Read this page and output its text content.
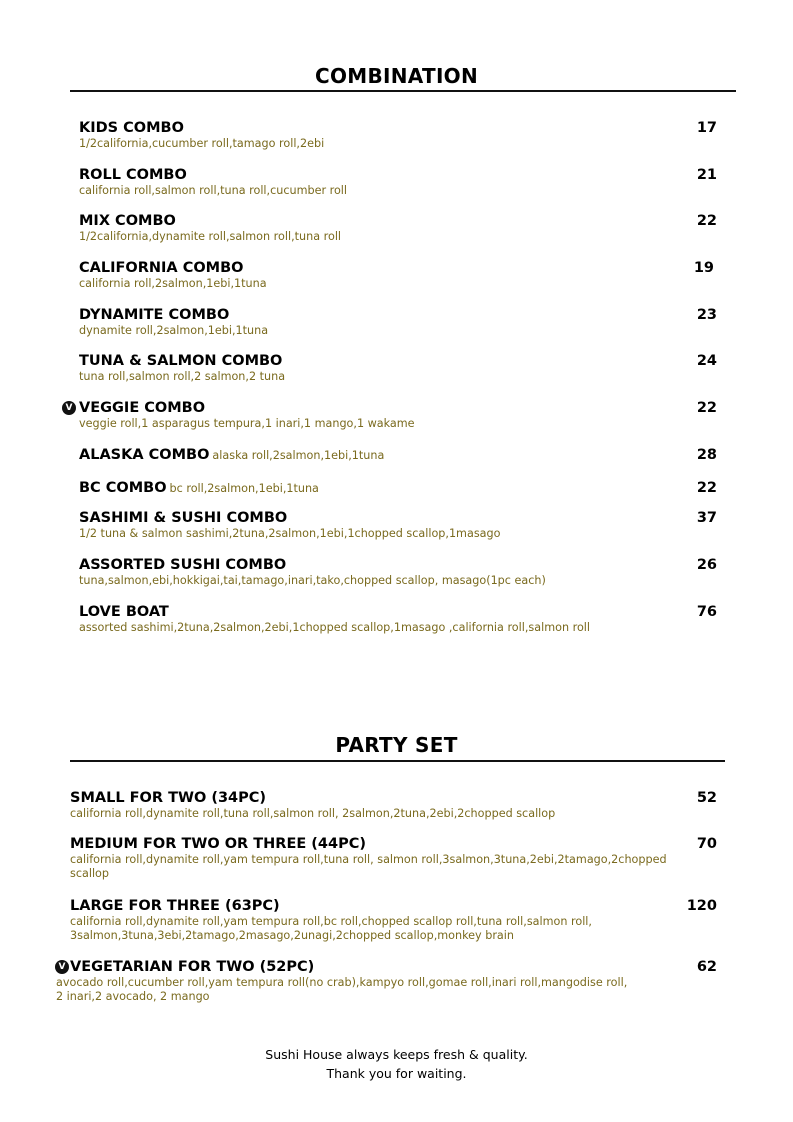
COMBINATION
KIDS COMBO
1/2california,cucumber roll,tamago roll,2ebi
17
ROLL COMBO
california roll,salmon roll,tuna roll,cucumber roll
21
MIX COMBO
1/2california,dynamite roll,salmon roll,tuna roll
22
CALIFORNIA COMBO
california roll,2salmon,1ebi,1tuna
19
DYNAMITE COMBO
dynamite roll,2salmon,1ebi,1tuna
23
TUNA & SALMON COMBO
tuna roll,salmon roll,2 salmon,2 tuna
24
V VEGGIE COMBO
veggie roll,1 asparagus tempura,1 inari,1 mango,1 wakame
22
ALASKA COMBO alaska roll,2salmon,1ebi,1tuna	28
BC COMBO bc roll,2salmon,1ebi,1tuna	22
SASHIMI & SUSHI COMBO
1/2 tuna & salmon sashimi,2tuna,2salmon,1ebi,1chopped scallop,1masago
37
ASSORTED SUSHI COMBO
tuna,salmon,ebi,hokkigai,tai,tamago,inari,tako,chopped scallop, masago(1pc each)
26
LOVE BOAT
assorted sashimi,2tuna,2salmon,2ebi,1chopped scallop,1masago ,california roll,salmon roll
76
PARTY SET
SMALL FOR TWO (34PC)
california roll,dynamite roll,tuna roll,salmon roll, 2salmon,2tuna,2ebi,2chopped scallop
52
MEDIUM FOR TWO OR THREE (44PC)
california roll,dynamite roll,yam tempura roll,tuna roll, salmon roll,3salmon,3tuna,2ebi,2tamago,2chopped
scallop
70
LARGE FOR THREE (63PC)
california roll,dynamite roll,yam tempura roll,bc roll,chopped scallop roll,tuna roll,salmon roll,
3salmon,3tuna,3ebi,2tamago,2masago,2unagi,2chopped scallop,monkey brain
120
V VEGETARIAN FOR TWO (52PC)
avocado roll,cucumber roll,yam tempura roll(no crab),kampyo roll,gomae roll,inari roll,mangodise roll,
2 inari,2 avocado, 2 mango
62
Sushi House always keeps fresh & quality.
Thank you for waiting.
